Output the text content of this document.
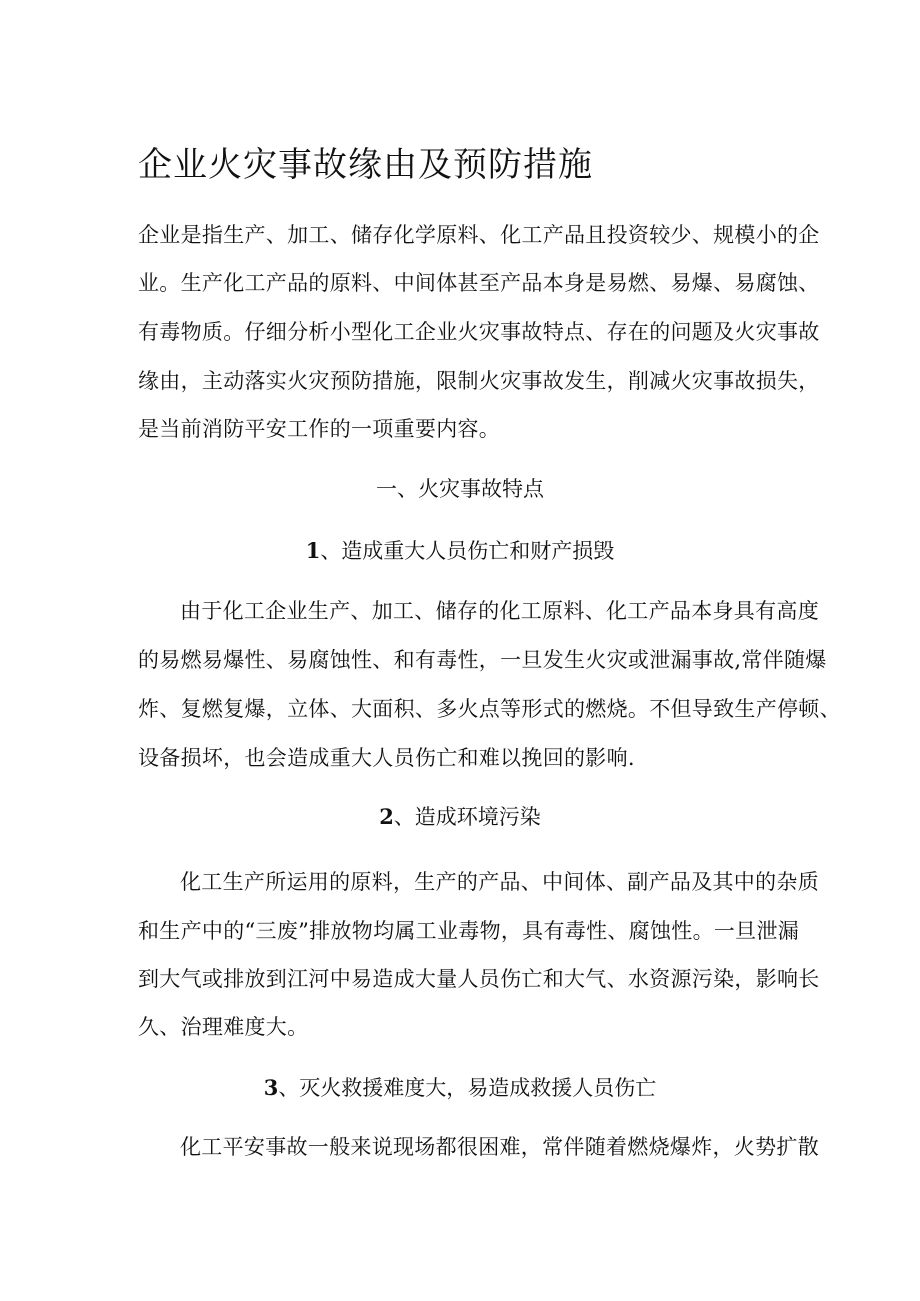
企业火灾事故缘由及预防措施
企业是指生产、加工、储存化学原料、化工产品且投资较少、规模小的企
业。生产化工产品的原料、中间体甚至产品本身是易燃、易爆、易腐蚀、
有毒物质。仔细分析小型化工企业火灾事故特点、存在的问题及火灾事故
缘由，主动落实火灾预防措施，限制火灾事故发生，削减火灾事故损失，
是当前消防平安工作的一项重要内容。
一、火灾事故特点
1、造成重大人员伤亡和财产损毁
由于化工企业生产、加工、储存的化工原料、化工产品本身具有高度
的易燃易爆性、易腐蚀性、和有毒性，一旦发生火灾或泄漏事故,常伴随爆
炸、复燃复爆，立体、大面积、多火点等形式的燃烧。不但导致生产停顿、
设备损坏，也会造成重大人员伤亡和难以挽回的影响.
2、造成环境污染
化工生产所运用的原料，生产的产品、中间体、副产品及其中的杂质
和生产中的“三废”排放物均属工业毒物，具有毒性、腐蚀性。一旦泄漏
到大气或排放到江河中易造成大量人员伤亡和大气、水资源污染，影响长
久、治理难度大。
3、灭火救援难度大，易造成救援人员伤亡
化工平安事故一般来说现场都很困难，常伴随着燃烧爆炸，火势扩散
